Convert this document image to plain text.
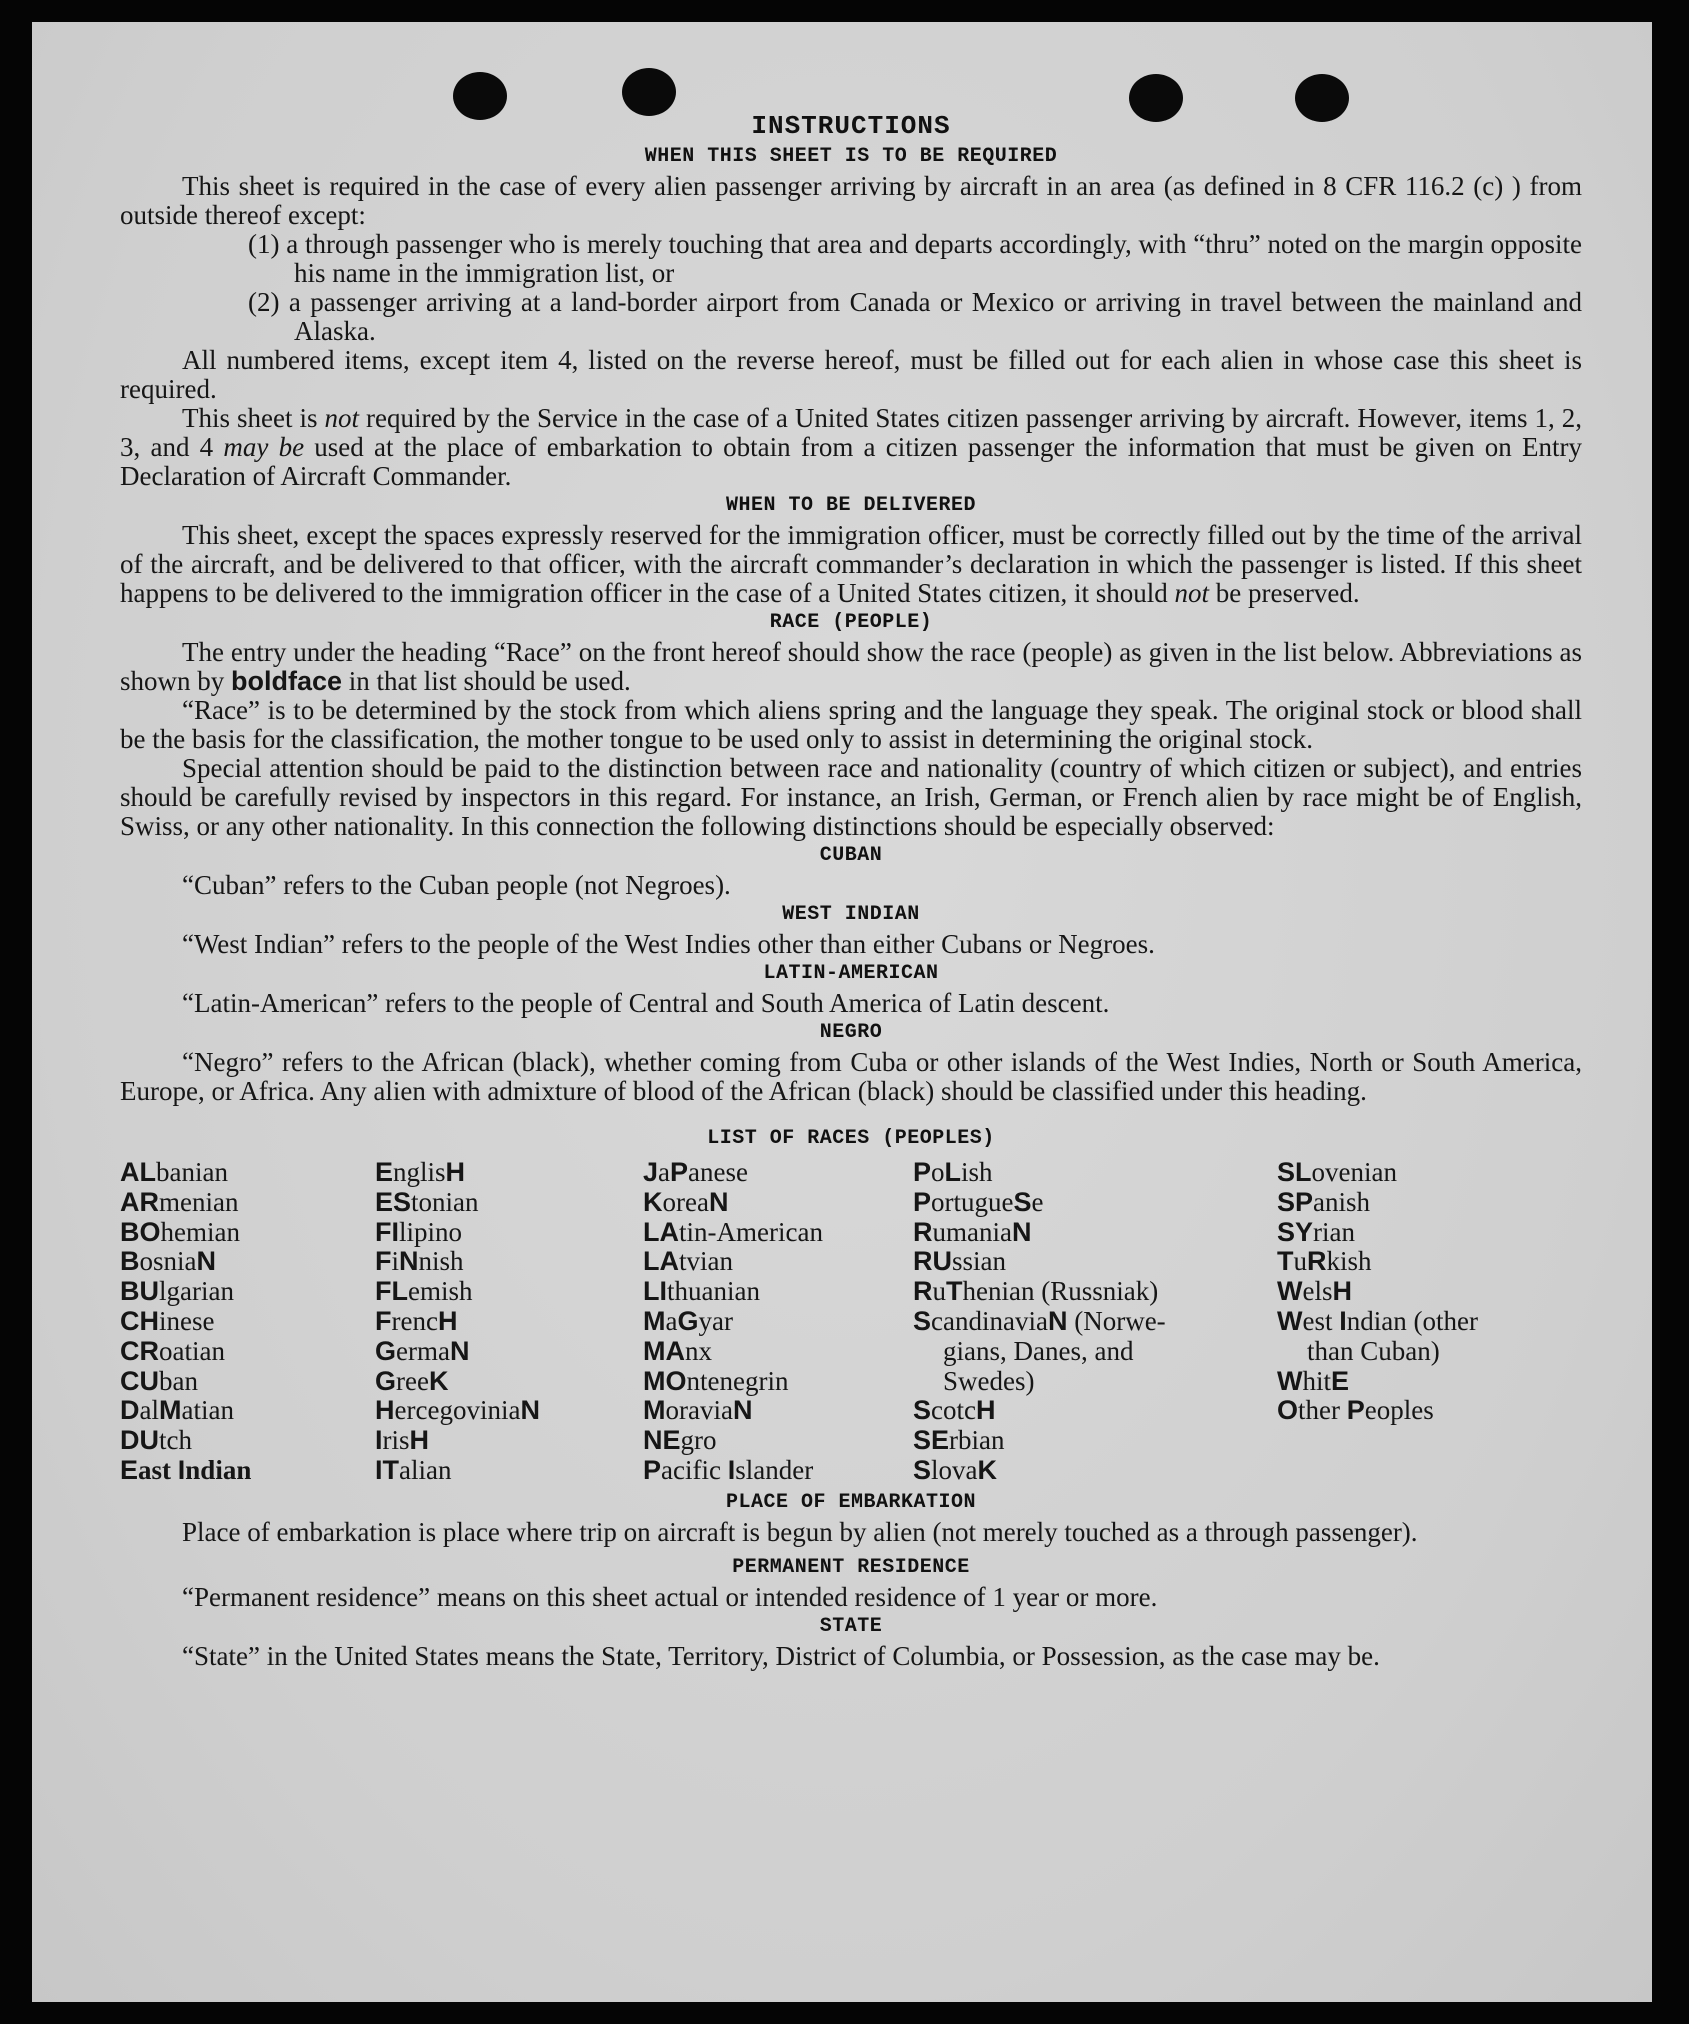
INSTRUCTIONS
WHEN THIS SHEET IS TO BE REQUIRED

This sheet is required in the case of every alien passenger arriving by aircraft in an area (as defined in 8 CFR 116.2 (c) ) from outside thereof except:

(1) a through passenger who is merely touching that area and departs accordingly, with “thru” noted on the margin opposite his name in the immigration list, or
(2) a passenger arriving at a land-border airport from Canada or Mexico or arriving in travel between the mainland and Alaska.

All numbered items, except item 4, listed on the reverse hereof, must be filled out for each alien in whose case this sheet is required.

This sheet is not required by the Service in the case of a United States citizen passenger arriving by aircraft. However, items 1, 2, 3, and 4 may be used at the place of embarkation to obtain from a citizen passenger the information that must be given on Entry Declaration of Aircraft Commander.

WHEN TO BE DELIVERED

This sheet, except the spaces expressly reserved for the immigration officer, must be correctly filled out by the time of the arrival of the aircraft, and be delivered to that officer, with the aircraft commander’s declaration in which the passenger is listed. If this sheet happens to be delivered to the immigration officer in the case of a United States citizen, it should not be preserved.

RACE (PEOPLE)

The entry under the heading “Race” on the front hereof should show the race (people) as given in the list below. Abbreviations as shown by boldface in that list should be used.

“Race” is to be determined by the stock from which aliens spring and the language they speak. The original stock or blood shall be the basis for the classification, the mother tongue to be used only to assist in determining the original stock.

Special attention should be paid to the distinction between race and nationality (country of which citizen or subject), and entries should be carefully revised by inspectors in this regard. For instance, an Irish, German, or French alien by race might be of English, Swiss, or any other nationality. In this connection the following distinctions should be especially observed:

CUBAN

“Cuban” refers to the Cuban people (not Negroes).

WEST INDIAN

“West Indian” refers to the people of the West Indies other than either Cubans or Negroes.

LATIN-AMERICAN

“Latin-American” refers to the people of Central and South America of Latin descent.

NEGRO

“Negro” refers to the African (black), whether coming from Cuba or other islands of the West Indies, North or South America, Europe, or Africa. Any alien with admixture of blood of the African (black) should be classified under this heading.

LIST OF RACES (PEOPLES)
ALbanian
ARmenian
BOhemian
BosniaN
BUlgarian
CHinese
CRoatian
CUban
DalMatian
DUtch
East Indian
EnglisH
EStonian
FIlipino
FiNnish
FLemish
FrencH
GermaN
GreeK
HercegoviniaN
IrisH
ITalian
JaPanese
KoreaN
LAtin-American
LAtvian
LIthuanian
MaGyar
MAnx
MOntenegrin
MoraviaN
NEgro
Pacific Islander
PoLish
PortugueSe
RumaniaN
RUssian
RuThenian (Russniak)
ScandinaviaN (Norwe-
gians, Danes, and
Swedes)
ScotcH
SErbian
SlovaK
SLovenian
SPanish
SYrian
TuRkish
WelsH
West Indian (other
than Cuban)
WhitE
Other Peoples
PLACE OF EMBARKATION

Place of embarkation is place where trip on aircraft is begun by alien (not merely touched as a through passenger).

PERMANENT RESIDENCE

“Permanent residence” means on this sheet actual or intended residence of 1 year or more.

STATE

“State” in the United States means the State, Territory, District of Columbia, or Possession, as the case may be.
